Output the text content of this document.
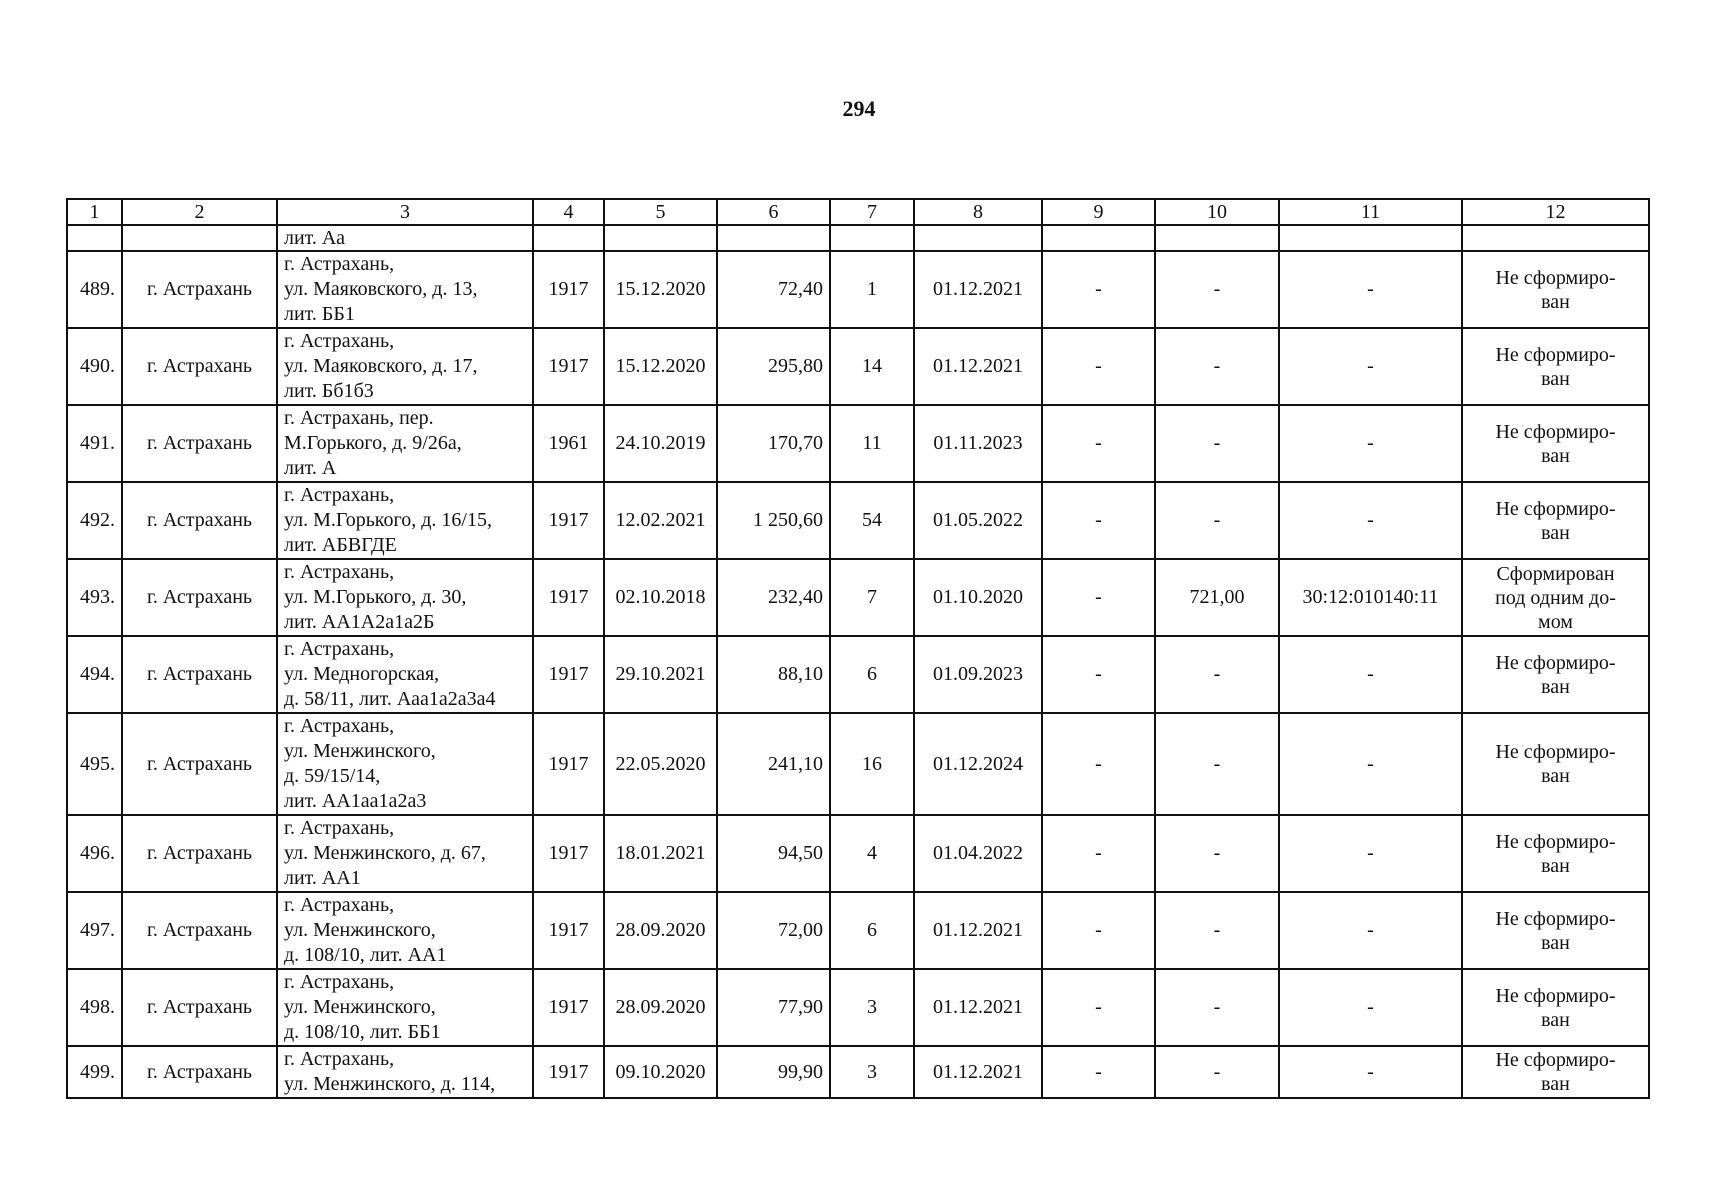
294
1	2	3	4	5	6	7	8	9	10	11	12
		лит. Аа									
489.	г. Астрахань	г. Астрахань,
ул. Маяковского, д. 13,
лит. ББ1	1917	15.12.2020	72,40	1	01.12.2021	-	-	-	Не сформиро-
ван

490.	г. Астрахань	г. Астрахань,
ул. Маяковского, д. 17,
лит. Бб1б3	1917	15.12.2020	295,80	14	01.12.2021	-	-	-	Не сформиро-
ван

491.	г. Астрахань	г. Астрахань, пер.
М.Горького, д. 9/26а,
лит. А	1961	24.10.2019	170,70	11	01.11.2023	-	-	-	Не сформиро-
ван

492.	г. Астрахань	г. Астрахань,
ул. М.Горького, д. 16/15,
лит. АБВГДЕ	1917	12.02.2021	1 250,60	54	01.05.2022	-	-	-	Не сформиро-
ван

493.	г. Астрахань	г. Астрахань,
ул. М.Горького, д. 30,
лит. АА1А2а1а2Б	1917	02.10.2018	232,40	7	01.10.2020	-	721,00	30:12:010140:11	Сформирован
под одним до-
мом

494.	г. Астрахань	г. Астрахань,
ул. Медногорская,
д. 58/11, лит. Ааа1а2а3а4	1917	29.10.2021	88,10	6	01.09.2023	-	-	-	Не сформиро-
ван

495.	г. Астрахань	г. Астрахань,
ул. Менжинского,
д. 59/15/14,
лит. АА1аа1а2а3	1917	22.05.2020	241,10	16	01.12.2024	-	-	-	Не сформиро-
ван

496.	г. Астрахань	г. Астрахань,
ул. Менжинского, д. 67,
лит. АА1	1917	18.01.2021	94,50	4	01.04.2022	-	-	-	Не сформиро-
ван

497.	г. Астрахань	г. Астрахань,
ул. Менжинского,
д. 108/10, лит. АА1	1917	28.09.2020	72,00	6	01.12.2021	-	-	-	Не сформиро-
ван

498.	г. Астрахань	г. Астрахань,
ул. Менжинского,
д. 108/10, лит. ББ1	1917	28.09.2020	77,90	3	01.12.2021	-	-	-	Не сформиро-
ван

499.	г. Астрахань	г. Астрахань,
ул. Менжинского, д. 114,	1917	09.10.2020	99,90	3	01.12.2021	-	-	-	Не сформиро-
ван
